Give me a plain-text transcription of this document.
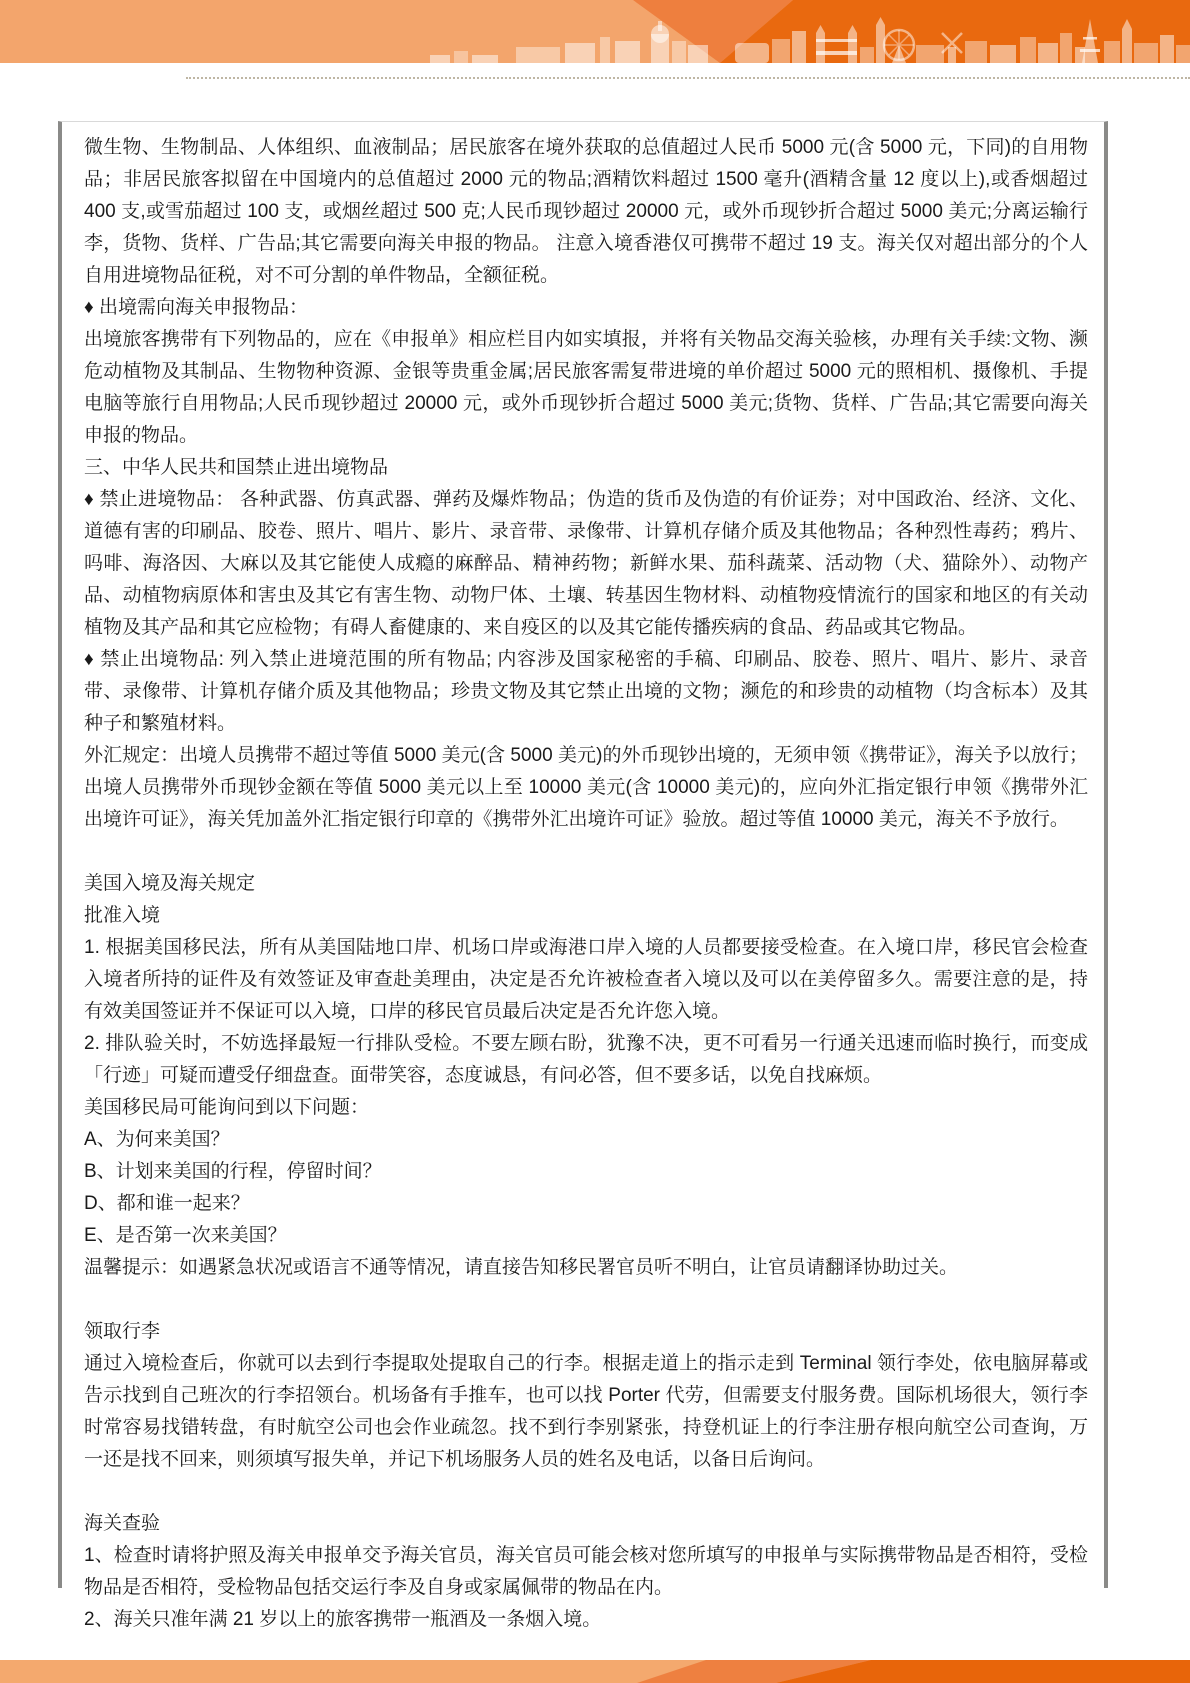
微生物、生物制品、人体组织、血液制品；居民旅客在境外获取的总值超过人民币 5000 元(含 5000 元，下同)的自用物品；非居民旅客拟留在中国境内的总值超过 2000 元的物品;酒精饮料超过 1500 毫升(酒精含量 12 度以上),或香烟超过 400 支,或雪茄超过 100 支，或烟丝超过 500 克;人民币现钞超过 20000 元，或外币现钞折合超过 5000 美元;分离运输行李，货物、货样、广告品;其它需要向海关申报的物品。 注意入境香港仅可携带不超过 19 支。海关仅对超出部分的个人自用进境物品征税，对不可分割的单件物品，全额征税。
♦ 出境需向海关申报物品：
出境旅客携带有下列物品的，应在《申报单》相应栏目内如实填报，并将有关物品交海关验核，办理有关手续:文物、濒危动植物及其制品、生物物种资源、金银等贵重金属;居民旅客需复带进境的单价超过 5000 元的照相机、摄像机、手提电脑等旅行自用物品;人民币现钞超过 20000 元，或外币现钞折合超过 5000 美元;货物、货样、广告品;其它需要向海关申报的物品。
三、中华人民共和国禁止进出境物品
♦ 禁止进境物品： 各种武器、仿真武器、弹药及爆炸物品；伪造的货币及伪造的有价证券；对中国政治、经济、文化、道德有害的印刷品、胶卷、照片、唱片、影片、录音带、录像带、计算机存储介质及其他物品；各种烈性毒药；鸦片、吗啡、海洛因、大麻以及其它能使人成瘾的麻醉品、精神药物；新鲜水果、茄科蔬菜、活动物（犬、猫除外）、动物产品、动植物病原体和害虫及其它有害生物、动物尸体、土壤、转基因生物材料、动植物疫情流行的国家和地区的有关动植物及其产品和其它应检物；有碍人畜健康的、来自疫区的以及其它能传播疾病的食品、药品或其它物品。
♦ 禁止出境物品: 列入禁止进境范围的所有物品; 内容涉及国家秘密的手稿、印刷品、胶卷、照片、唱片、影片、录音带、录像带、计算机存储介质及其他物品；珍贵文物及其它禁止出境的文物；濒危的和珍贵的动植物（均含标本）及其种子和繁殖材料。
外汇规定：出境人员携带不超过等值 5000 美元(含 5000 美元)的外币现钞出境的，无须申领《携带证》，海关予以放行；出境人员携带外币现钞金额在等值 5000 美元以上至 10000 美元(含 10000 美元)的，应向外汇指定银行申领《携带外汇出境许可证》，海关凭加盖外汇指定银行印章的《携带外汇出境许可证》验放。超过等值 10000 美元，海关不予放行。
美国入境及海关规定
批准入境
1. 根据美国移民法，所有从美国陆地口岸、机场口岸或海港口岸入境的人员都要接受检查。在入境口岸，移民官会检查入境者所持的证件及有效签证及审查赴美理由，决定是否允许被检查者入境以及可以在美停留多久。需要注意的是，持有效美国签证并不保证可以入境，口岸的移民官员最后决定是否允许您入境。
2. 排队验关时，不妨选择最短一行排队受检。不要左顾右盼，犹豫不决，更不可看另一行通关迅速而临时换行，而变成「行迹」可疑而遭受仔细盘查。面带笑容，态度诚恳，有问必答，但不要多话，以免自找麻烦。
美国移民局可能询问到以下问题：
A、为何来美国？
B、计划来美国的行程，停留时间？
D、都和谁一起来？
E、是否第一次来美国？
温馨提示：如遇紧急状况或语言不通等情况，请直接告知移民署官员听不明白，让官员请翻译协助过关。
领取行李
通过入境检查后，你就可以去到行李提取处提取自己的行李。根据走道上的指示走到 Terminal 领行李处，依电脑屏幕或告示找到自己班次的行李招领台。机场备有手推车，也可以找 Porter 代劳，但需要支付服务费。国际机场很大，领行李时常容易找错转盘，有时航空公司也会作业疏忽。找不到行李别紧张，持登机证上的行李注册存根向航空公司查询，万一还是找不回来，则须填写报失单，并记下机场服务人员的姓名及电话，以备日后询问。
海关查验
1、检查时请将护照及海关申报单交予海关官员，海关官员可能会核对您所填写的申报单与实际携带物品是否相符，受检物品是否相符，受检物品包括交运行李及自身或家属佩带的物品在内。
2、海关只准年满 21 岁以上的旅客携带一瓶酒及一条烟入境。
